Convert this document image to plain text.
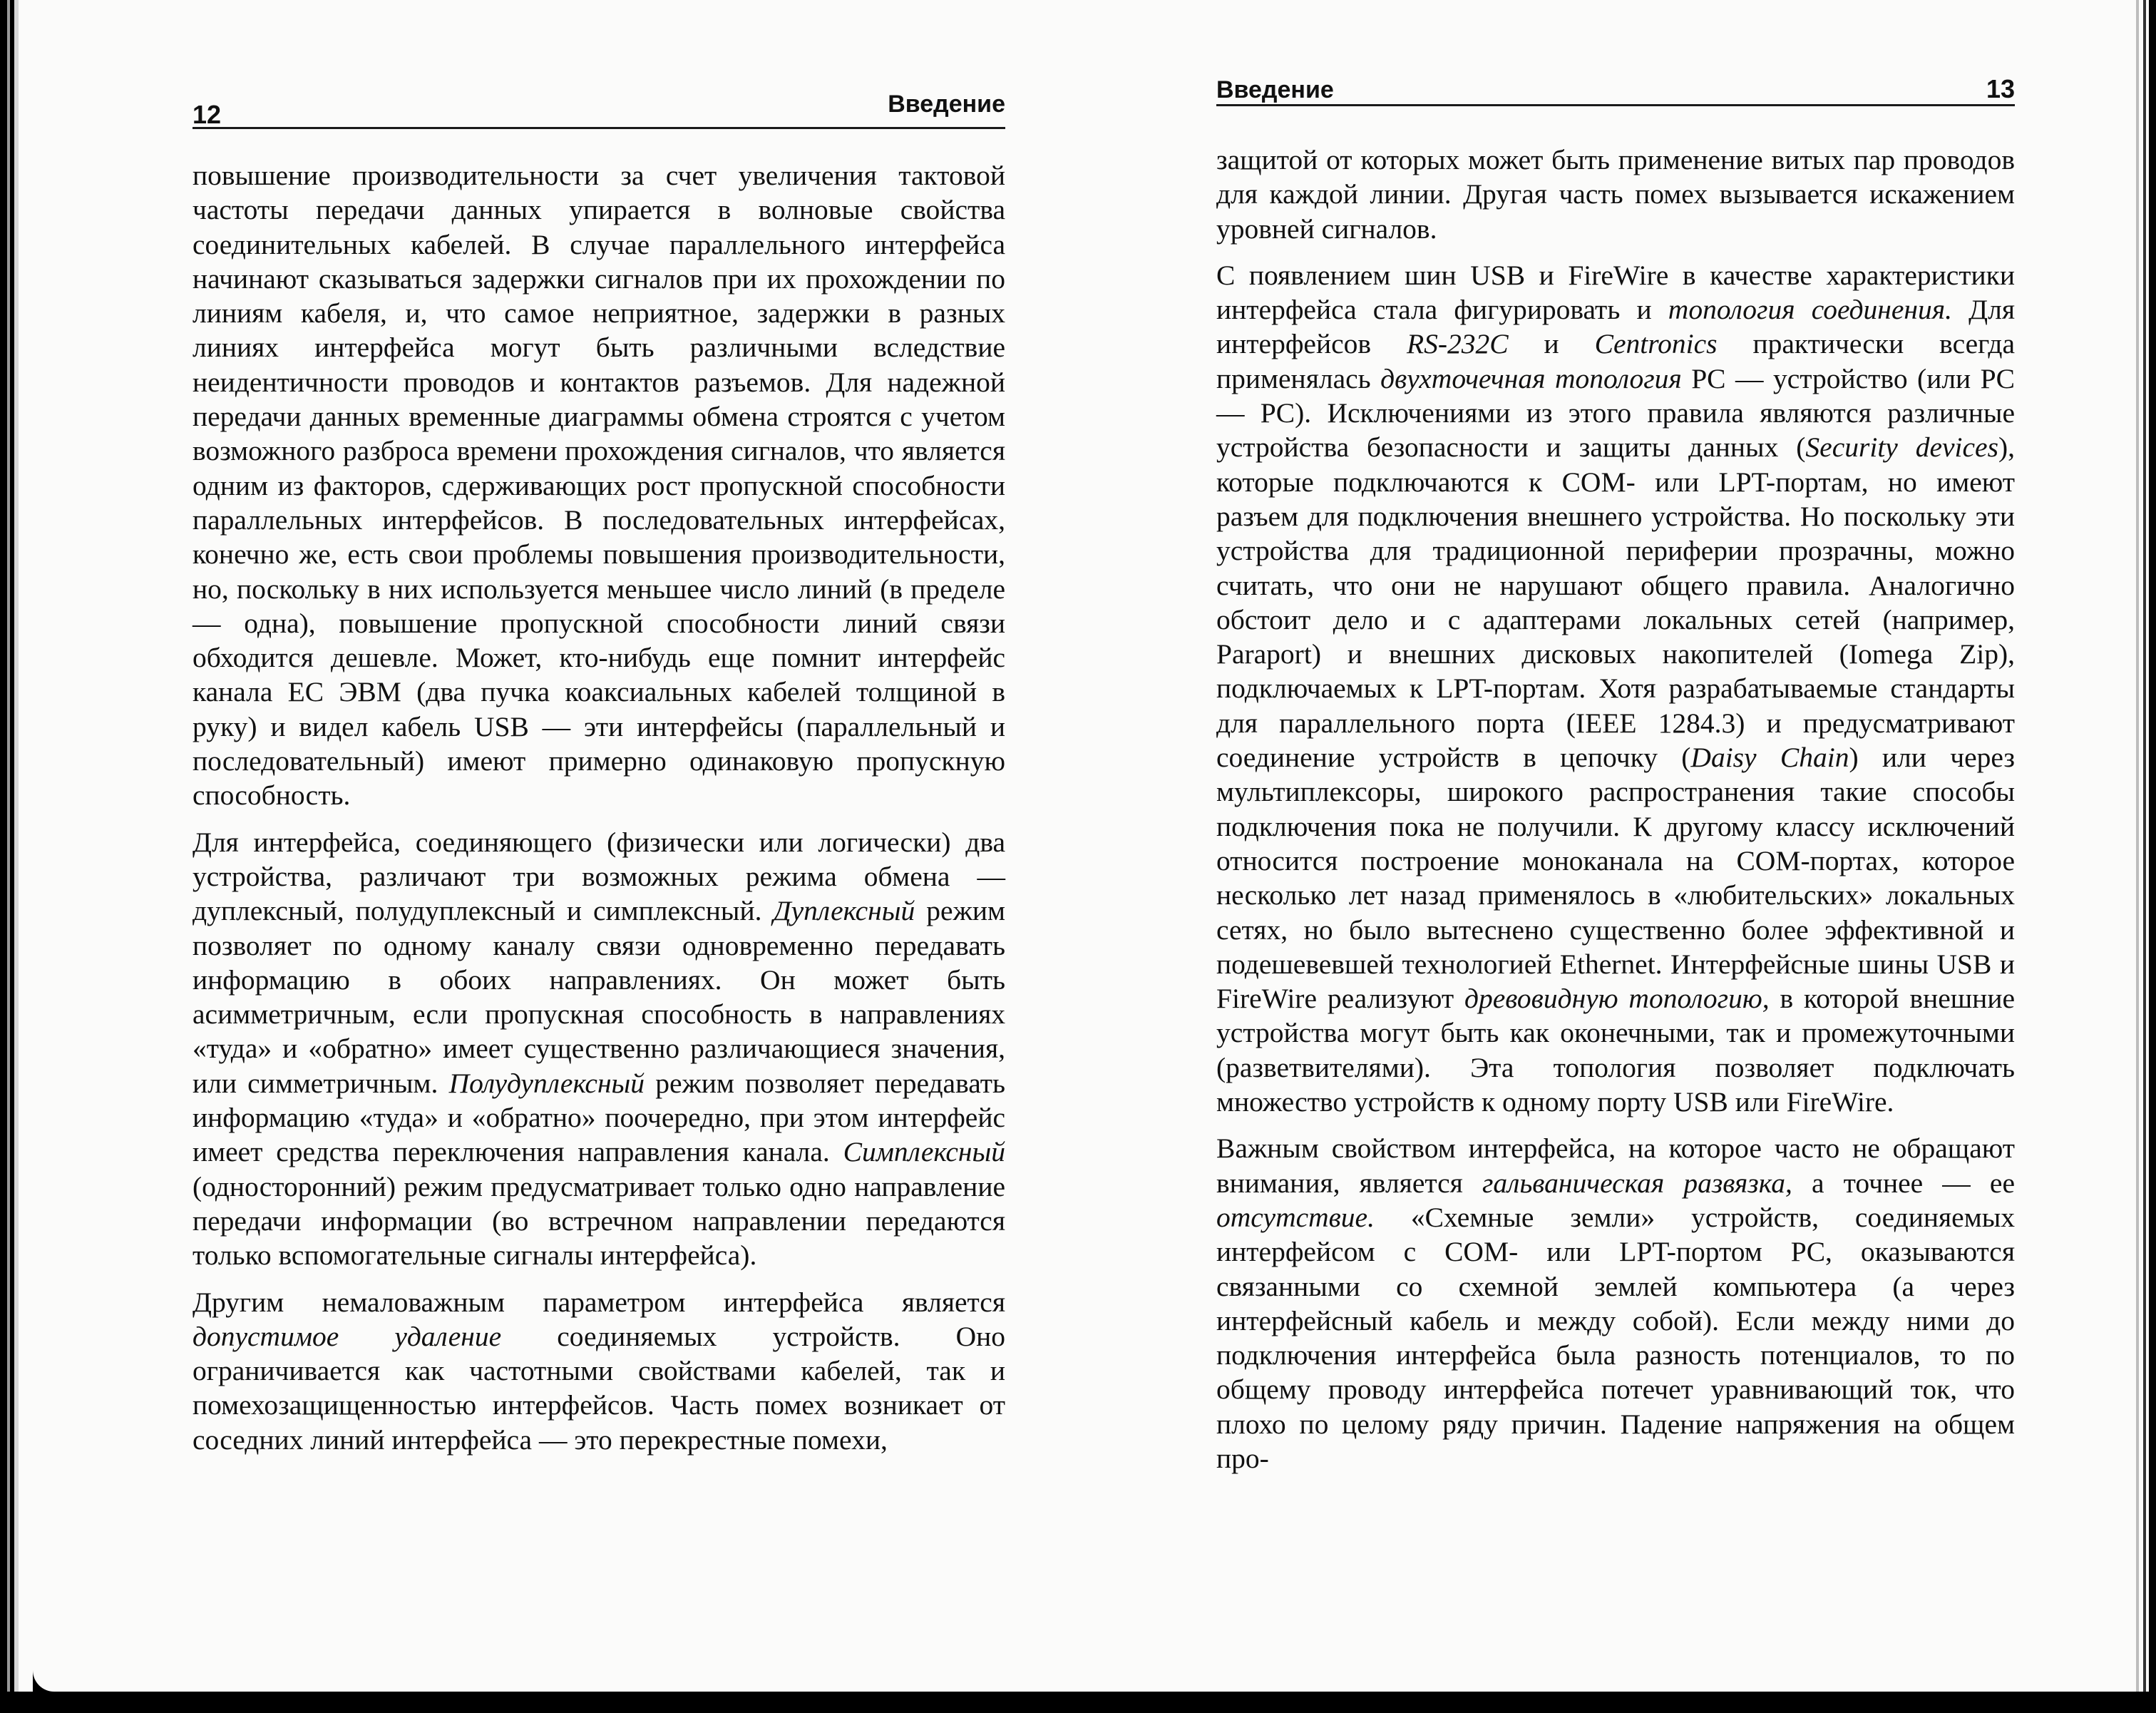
12	Введение

повышение производительности за счет увеличения тактовой частоты передачи данных упирается в волновые свойства соединительных кабелей. В случае параллельного интерфейса начинают сказываться задержки сигналов при их прохождении по линиям кабеля, и, что самое неприятное, задержки в разных линиях интерфейса могут быть различными вследствие неидентичности проводов и контактов разъемов. Для надежной передачи данных временные диаграммы обмена строятся с учетом возможного разброса времени прохождения сигналов, что является одним из факторов, сдерживающих рост пропускной способности параллельных интерфейсов. В последовательных интерфейсах, конечно же, есть свои проблемы повышения производительности, но, поскольку в них используется меньшее число линий (в пределе — одна), повышение пропускной способности линий связи обходится дешевле. Может, кто-нибудь еще помнит интерфейс канала ЕС ЭВМ (два пучка коаксиальных кабелей толщиной в руку) и видел кабель USB — эти интерфейсы (параллельный и последовательный) имеют примерно одинаковую пропускную способность.

Для интерфейса, соединяющего (физически или логически) два устройства, различают три возможных режима обмена — дуплексный, полудуплексный и симплексный. Дуплексный режим позволяет по одному каналу связи одновременно передавать информацию в обоих направлениях. Он может быть асимметричным, если пропускная способность в направлениях «туда» и «обратно» имеет существенно различающиеся значения, или симметричным. Полудуплексный режим позволяет передавать информацию «туда» и «обратно» поочередно, при этом интерфейс имеет средства переключения направления канала. Симплексный (односторонний) режим предусматривает только одно направление передачи информации (во встречном направлении передаются только вспомогательные сигналы интерфейса).

Другим немаловажным параметром интерфейса является допустимое удаление соединяемых устройств. Оно ограничивается как частотными свойствами кабелей, так и помехозащищенностью интерфейсов. Часть помех возникает от соседних линий интерфейса — это перекрестные помехи,

Введение	13

защитой от которых может быть применение витых пар проводов для каждой линии. Другая часть помех вызывается искажением уровней сигналов.

С появлением шин USB и FireWire в качестве характеристики интерфейса стала фигурировать и топология соединения. Для интерфейсов RS-232C и Centronics практически всегда применялась двухточечная топология PC — устройство (или PC — PC). Исключениями из этого правила являются различные устройства безопасности и защиты данных (Security devices), которые подключаются к COM- или LPT-портам, но имеют разъем для подключения внешнего устройства. Но поскольку эти устройства для традиционной периферии прозрачны, можно считать, что они не нарушают общего правила. Аналогично обстоит дело и с адаптерами локальных сетей (например, Paraport) и внешних дисковых накопителей (Iomega Zip), подключаемых к LPT-портам. Хотя разрабатываемые стандарты для параллельного порта (IEEE 1284.3) и предусматривают соединение устройств в цепочку (Daisy Chain) или через мультиплексоры, широкого распространения такие способы подключения пока не получили. К другому классу исключений относится построение моноканала на COM-портах, которое несколько лет назад применялось в «любительских» локальных сетях, но было вытеснено существенно более эффективной и подешевевшей технологией Ethernet. Интерфейсные шины USB и FireWire реализуют древовидную топологию, в которой внешние устройства могут быть как оконечными, так и промежуточными (разветвителями). Эта топология позволяет подключать множество устройств к одному порту USB или FireWire.

Важным свойством интерфейса, на которое часто не обращают внимания, является гальваническая развязка, а точнее — ее отсутствие. «Схемные земли» устройств, соединяемых интерфейсом с COM- или LPT-портом PC, оказываются связанными со схемной землей компьютера (а через интерфейсный кабель и между собой). Если между ними до подключения интерфейса была разность потенциалов, то по общему проводу интерфейса потечет уравнивающий ток, что плохо по целому ряду причин. Падение напряжения на общем про-
